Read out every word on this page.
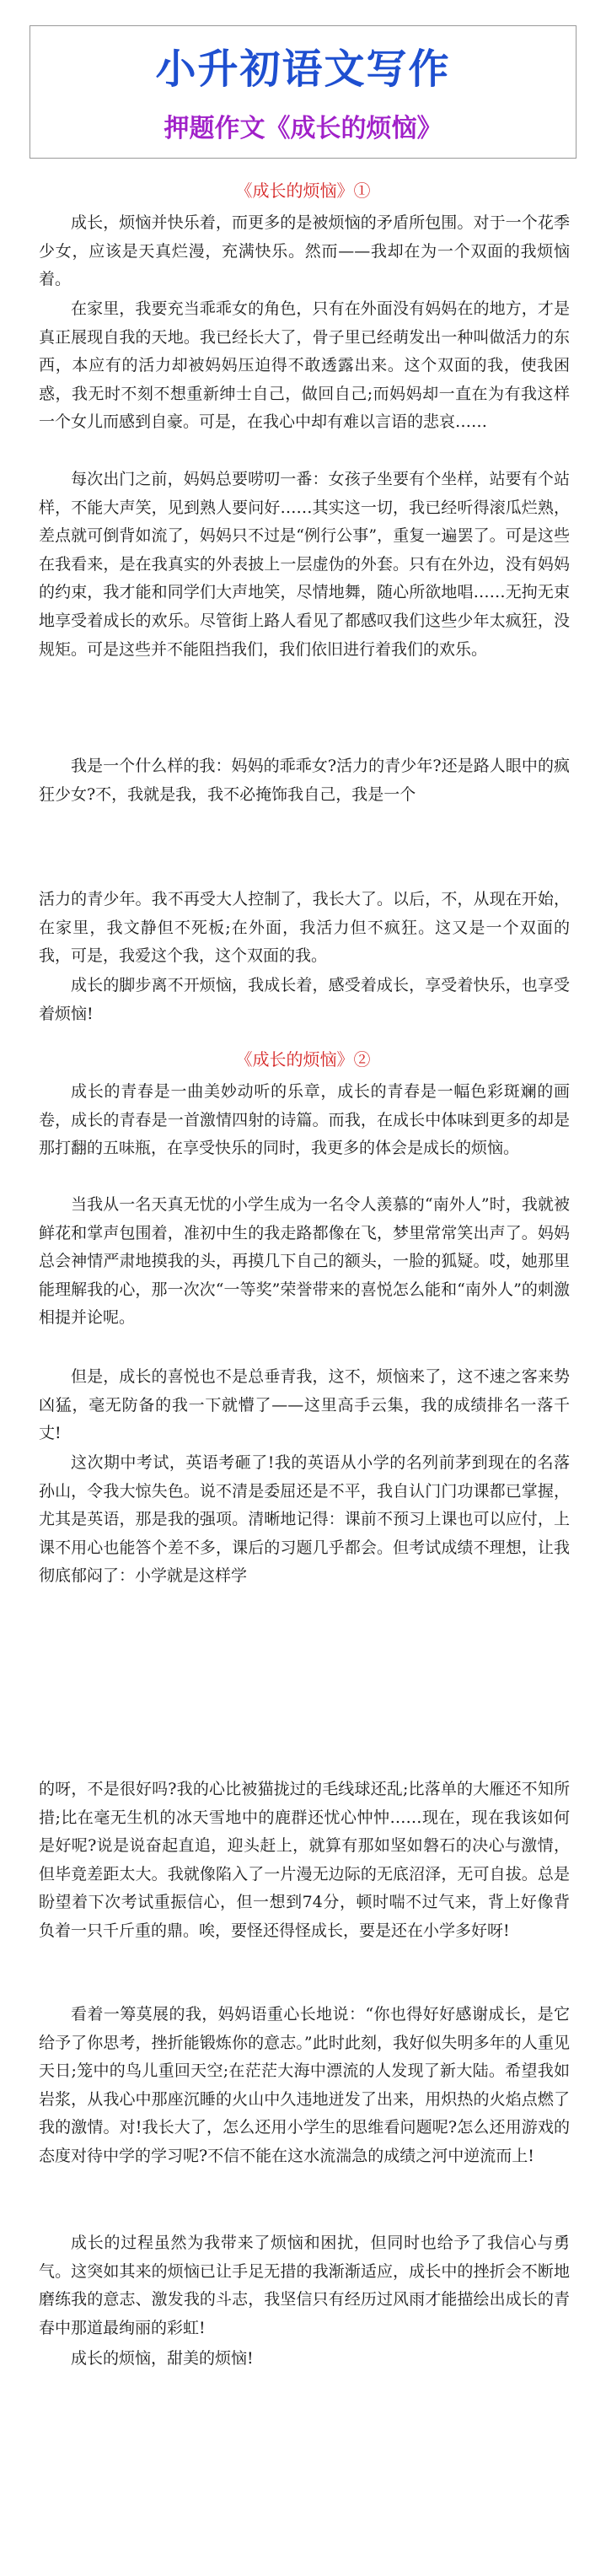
小升初语文写作
押题作文《成长的烦恼》
《成长的烦恼》①

成长，烦恼并快乐着，而更多的是被烦恼的矛盾所包围。对于一个花季少女，应该是天真烂漫，充满快乐。然而——我却在为一个双面的我烦恼着。

在家里，我要充当乖乖女的角色，只有在外面没有妈妈在的地方，才是真正展现自我的天地。我已经长大了，骨子里已经萌发出一种叫做活力的东西，本应有的活力却被妈妈压迫得不敢透露出来。这个双面的我，使我困惑，我无时不刻不想重新绅士自己，做回自己;而妈妈却一直在为有我这样一个女儿而感到自豪。可是，在我心中却有难以言语的悲哀……

每次出门之前，妈妈总要唠叨一番：女孩子坐要有个坐样，站要有个站样，不能大声笑，见到熟人要问好……其实这一切，我已经听得滚瓜烂熟，差点就可倒背如流了，妈妈只不过是“例行公事”，重复一遍罢了。可是这些在我看来，是在我真实的外表披上一层虚伪的外套。只有在外边，没有妈妈的约束，我才能和同学们大声地笑，尽情地舞，随心所欲地唱……无拘无束地享受着成长的欢乐。尽管街上路人看见了都感叹我们这些少年太疯狂，没规矩。可是这些并不能阻挡我们，我们依旧进行着我们的欢乐。

我是一个什么样的我：妈妈的乖乖女?活力的青少年?还是路人眼中的疯狂少女?不，我就是我，我不必掩饰我自己，我是一个

活力的青少年。我不再受大人控制了，我长大了。以后，不，从现在开始，在家里，我文静但不死板;在外面，我活力但不疯狂。这又是一个双面的我，可是，我爱这个我，这个双面的我。

成长的脚步离不开烦恼，我成长着，感受着成长，享受着快乐，也享受着烦恼!

《成长的烦恼》②

成长的青春是一曲美妙动听的乐章，成长的青春是一幅色彩斑斓的画卷，成长的青春是一首激情四射的诗篇。而我，在成长中体味到更多的却是那打翻的五味瓶，在享受快乐的同时，我更多的体会是成长的烦恼。

当我从一名天真无忧的小学生成为一名令人羡慕的“南外人”时，我就被鲜花和掌声包围着，准初中生的我走路都像在飞，梦里常常笑出声了。妈妈总会神情严肃地摸我的头，再摸几下自己的额头，一脸的狐疑。哎，她那里能理解我的心，那一次次“一等奖”荣誉带来的喜悦怎么能和“南外人”的刺激相提并论呢。

但是，成长的喜悦也不是总垂青我，这不，烦恼来了，这不速之客来势凶猛，毫无防备的我一下就懵了——这里高手云集，我的成绩排名一落千丈!

这次期中考试，英语考砸了!我的英语从小学的名列前茅到现在的名落孙山，令我大惊失色。说不清是委屈还是不平，我自认门门功课都已掌握，尤其是英语，那是我的强项。清晰地记得：课前不预习上课也可以应付，上课不用心也能答个差不多，课后的习题几乎都会。但考试成绩不理想，让我彻底郁闷了：小学就是这样学

的呀，不是很好吗?我的心比被猫拢过的毛线球还乱;比落单的大雁还不知所措;比在毫无生机的冰天雪地中的鹿群还忧心忡忡……现在，现在我该如何是好呢?说是说奋起直追，迎头赶上，就算有那如坚如磐石的决心与激情，但毕竟差距太大。我就像陷入了一片漫无边际的无底沼泽，无可自拔。总是盼望着下次考试重振信心，但一想到74分，顿时喘不过气来，背上好像背负着一只千斤重的鼎。唉，要怪还得怪成长，要是还在小学多好呀!

看着一筹莫展的我，妈妈语重心长地说：“你也得好好感谢成长，是它给予了你思考，挫折能锻炼你的意志。”此时此刻，我好似失明多年的人重见天日;笼中的鸟儿重回天空;在茫茫大海中漂流的人发现了新大陆。希望我如岩浆，从我心中那座沉睡的火山中久违地迸发了出来，用炽热的火焰点燃了我的激情。对!我长大了，怎么还用小学生的思维看问题呢?怎么还用游戏的态度对待中学的学习呢?不信不能在这水流湍急的成绩之河中逆流而上!

成长的过程虽然为我带来了烦恼和困扰，但同时也给予了我信心与勇气。这突如其来的烦恼已让手足无措的我渐渐适应，成长中的挫折会不断地磨练我的意志、激发我的斗志，我坚信只有经历过风雨才能描绘出成长的青春中那道最绚丽的彩虹!

成长的烦恼，甜美的烦恼!
